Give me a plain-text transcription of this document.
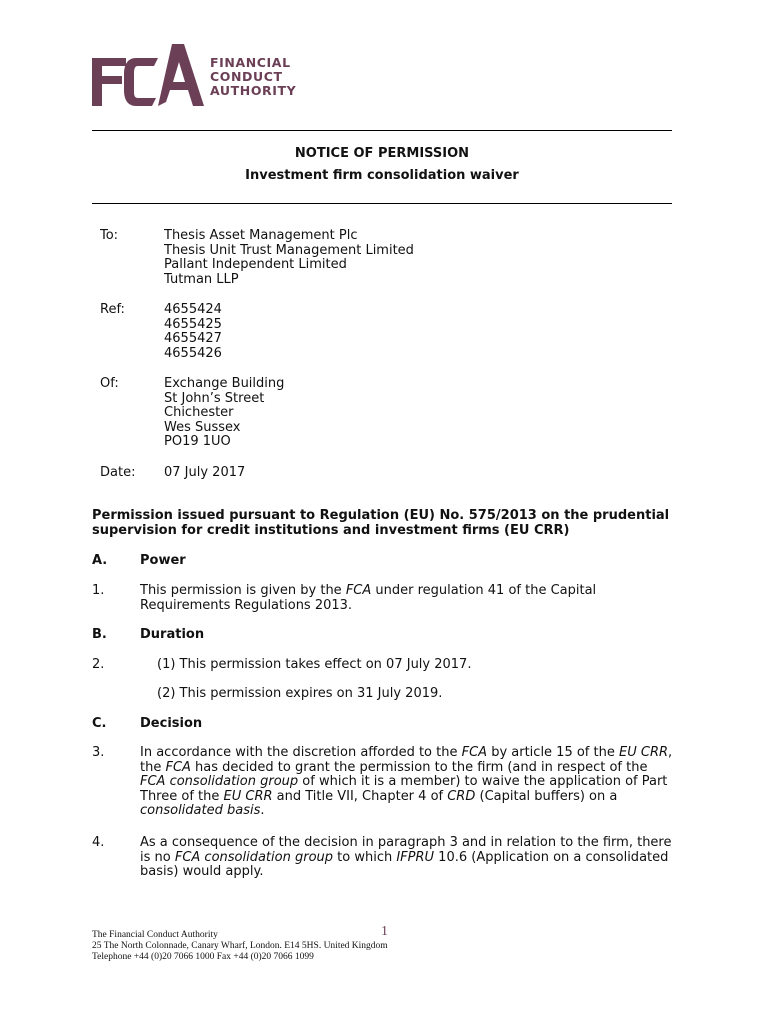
FCA
FINANCIAL
CONDUCT
AUTHORITY
NOTICE OF PERMISSION
Investment firm consolidation waiver
To:	Thesis Asset Management Plc
Thesis Unit Trust Management Limited
Pallant Independent Limited
Tutman LLP
Ref:	4655424
4655425
4655427
4655426
Of:	Exchange Building
St John’s Street
Chichester
Wes Sussex
PO19 1UO
Date: 07 July 2017
Permission issued pursuant to Regulation (EU) No. 575/2013 on the prudential
supervision for credit institutions and investment firms (EU CRR)
A.	Power
1.	This permission is given by the FCA under regulation 41 of the Capital
Requirements Regulations 2013.
B.	Duration
2.	(1) This permission takes effect on 07 July 2017.
(2) This permission expires on 31 July 2019.
C.	Decision
3.	In accordance with the discretion afforded to the FCA by article 15 of the EU CRR,
the FCA has decided to grant the permission to the firm (and in respect of the
FCA consolidation group of which it is a member) to waive the application of Part
Three of the EU CRR and Title VII, Chapter 4 of CRD (Capital buffers) on a
consolidated basis.
4.	As a consequence of the decision in paragraph 3 and in relation to the firm, there
is no FCA consolidation group to which IFPRU 10.6 (Application on a consolidated
basis) would apply.
The Financial Conduct Authority
25 The North Colonnade, Canary Wharf, London. E14 5HS. United Kingdom
Telephone +44 (0)20 7066 1000 Fax +44 (0)20 7066 1099
1
